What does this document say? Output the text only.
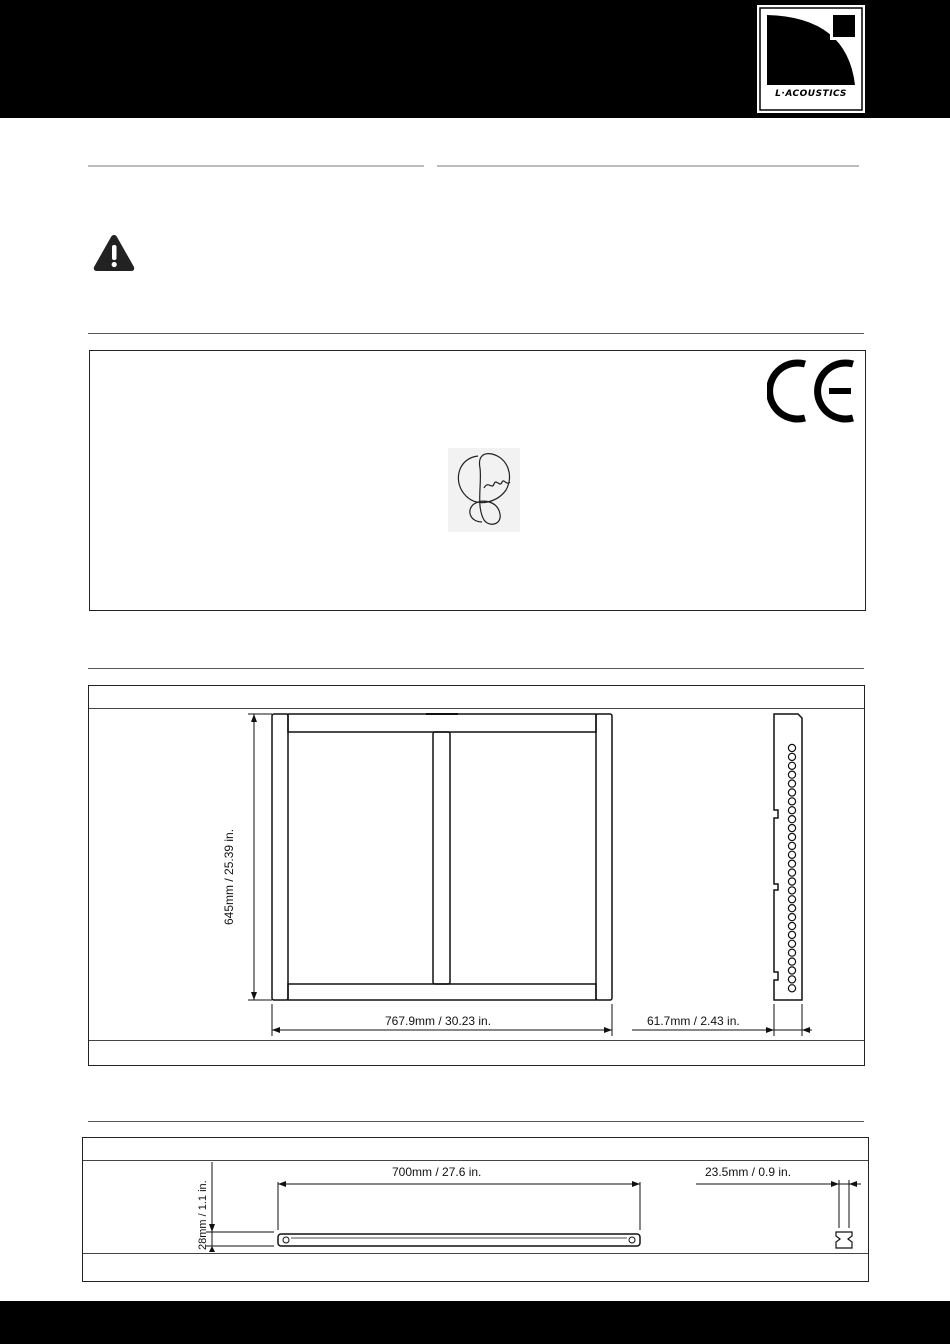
L·ACOUSTICS
645mm / 25.39 in.
767.9mm / 30.23 in.	61.7mm / 2.43 in.
700mm / 27.6 in.
28mm / 1.1 in.
23.5mm / 0.9 in.
